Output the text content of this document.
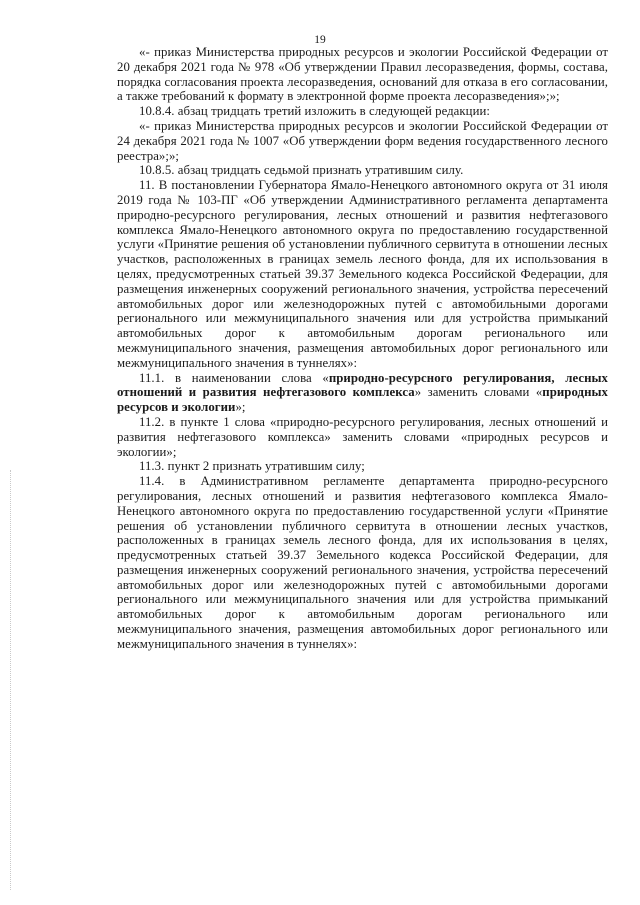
19

«- приказ Министерства природных ресурсов и экологии Российской Федерации от 20 декабря 2021 года № 978 «Об утверждении Правил лесоразведения, формы, состава, порядка согласования проекта лесоразведения, оснований для отказа в его согласовании, а также требований к формату в электронной форме проекта лесоразведения»;»;

10.8.4. абзац тридцать третий изложить в следующей редакции:

«- приказ Министерства природных ресурсов и экологии Российской Федерации от 24 декабря 2021 года № 1007 «Об утверждении форм ведения государственного лесного реестра»;»;

10.8.5. абзац тридцать седьмой признать утратившим силу.

11. В постановлении Губернатора Ямало-Ненецкого автономного округа от 31 июля 2019 года № 103-ПГ «Об утверждении Административного регламента департамента природно-ресурсного регулирования, лесных отношений и развития нефтегазового комплекса Ямало-Ненецкого автономного округа по предоставлению государственной услуги «Принятие решения об установлении публичного сервитута в отношении лесных участков, расположенных в границах земель лесного фонда, для их использования в целях, предусмотренных статьей 39.37 Земельного кодекса Российской Федерации, для размещения инженерных сооружений регионального значения, устройства пересечений автомобильных дорог или железнодорожных путей с автомобильными дорогами регионального или межмуниципального значения или для устройства примыканий автомобильных дорог к автомобильным дорогам регионального или межмуниципального значения, размещения автомобильных дорог регионального или межмуниципального значения в туннелях»:

11.1. в наименовании слова «природно-ресурсного регулирования, лесных отношений и развития нефтегазового комплекса» заменить словами «природных ресурсов и экологии»;

11.2. в пункте 1 слова «природно-ресурсного регулирования, лесных отношений и развития нефтегазового комплекса» заменить словами «природных ресурсов и экологии»;

11.3. пункт 2 признать утратившим силу;

11.4. в Административном регламенте департамента природно-ресурсного регулирования, лесных отношений и развития нефтегазового комплекса Ямало-Ненецкого автономного округа по предоставлению государственной услуги «Принятие решения об установлении публичного сервитута в отношении лесных участков, расположенных в границах земель лесного фонда, для их использования в целях, предусмотренных статьей 39.37 Земельного кодекса Российской Федерации, для размещения инженерных сооружений регионального значения, устройства пересечений автомобильных дорог или железнодорожных путей с автомобильными дорогами регионального или межмуниципального значения или для устройства примыканий автомобильных дорог к автомобильным дорогам регионального или межмуниципального значения, размещения автомобильных дорог регионального или межмуниципального значения в туннелях»:
